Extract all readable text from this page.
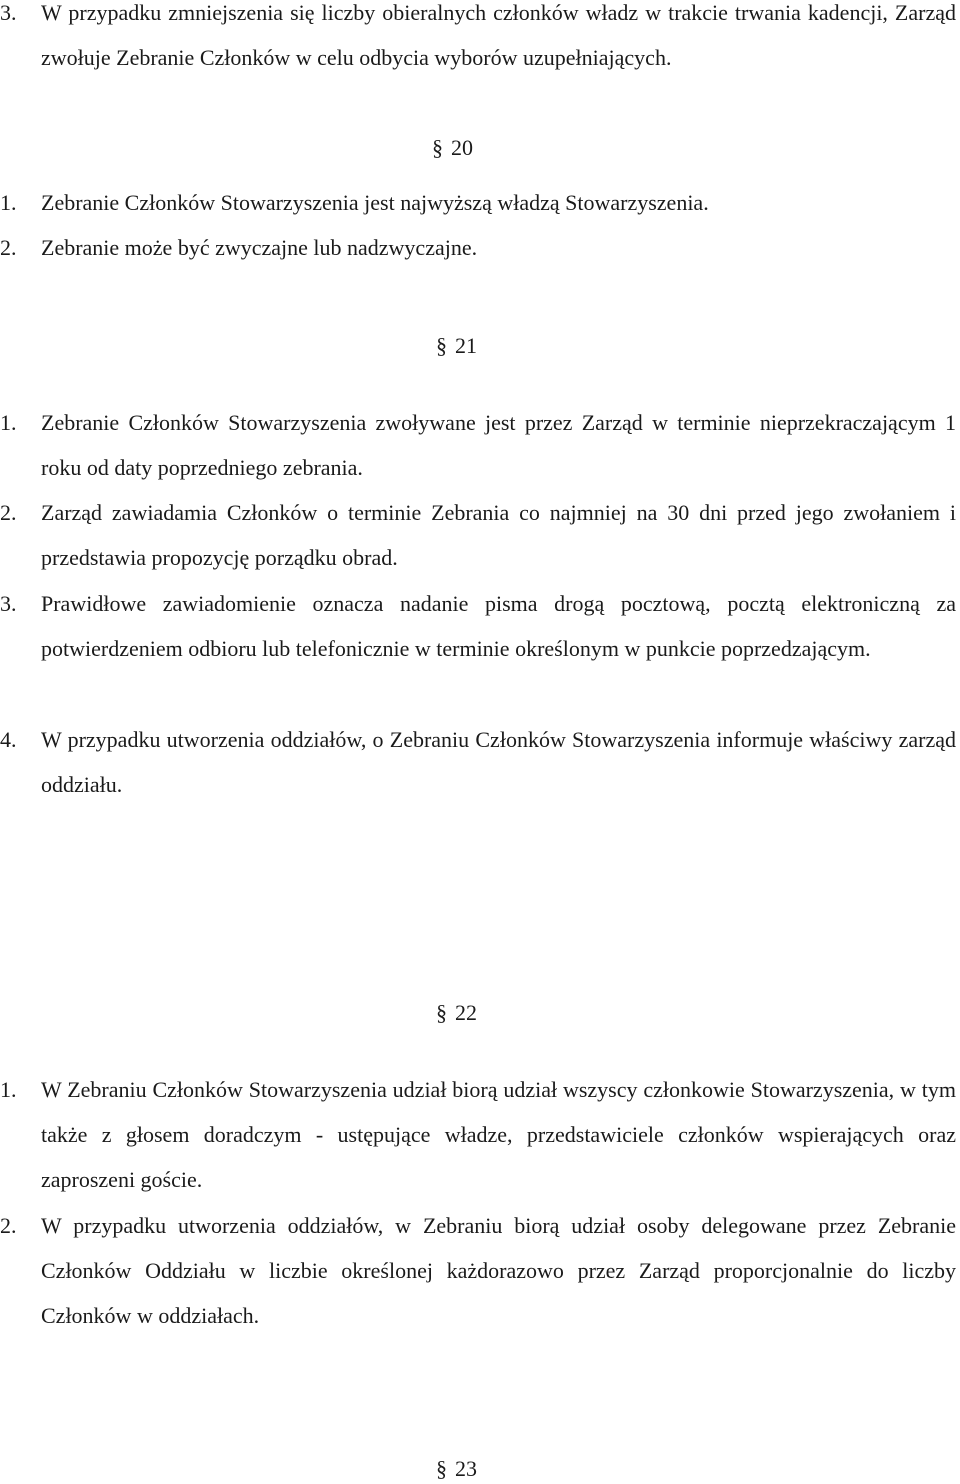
3. W przypadku zmniejszenia się liczby obieralnych członków władz w trakcie trwania kadencji, Zarząd zwołuje Zebranie Członków w celu odbycia wyborów uzupełniających.

§ 20
1. Zebranie Członków Stowarzyszenia jest najwyższą władzą Stowarzyszenia.

2. Zebranie może być zwyczajne lub nadzwyczajne.

§ 21
1. Zebranie Członków Stowarzyszenia zwoływane jest przez Zarząd w terminie nieprzekraczającym 1 roku od daty poprzedniego zebrania.

2. Zarząd zawiadamia Członków o terminie Zebrania co najmniej na 30 dni przed jego zwołaniem i przedstawia propozycję porządku obrad.

3. Prawidłowe zawiadomienie oznacza nadanie pisma drogą pocztową, pocztą elektroniczną za potwierdzeniem odbioru lub telefonicznie w terminie określonym w punkcie poprzedzającym.

4. W przypadku utworzenia oddziałów, o Zebraniu Członków Stowarzyszenia informuje właściwy zarząd oddziału.

§ 22
1. W Zebraniu Członków Stowarzyszenia udział biorą udział wszyscy członkowie Stowarzyszenia, w tym także z głosem doradczym - ustępujące władze, przedstawiciele członków wspierających oraz zaproszeni goście.

2. W przypadku utworzenia oddziałów, w Zebraniu biorą udział osoby delegowane przez Zebranie Członków Oddziału w liczbie określonej każdorazowo przez Zarząd proporcjonalnie do liczby Członków w oddziałach.

§ 23
